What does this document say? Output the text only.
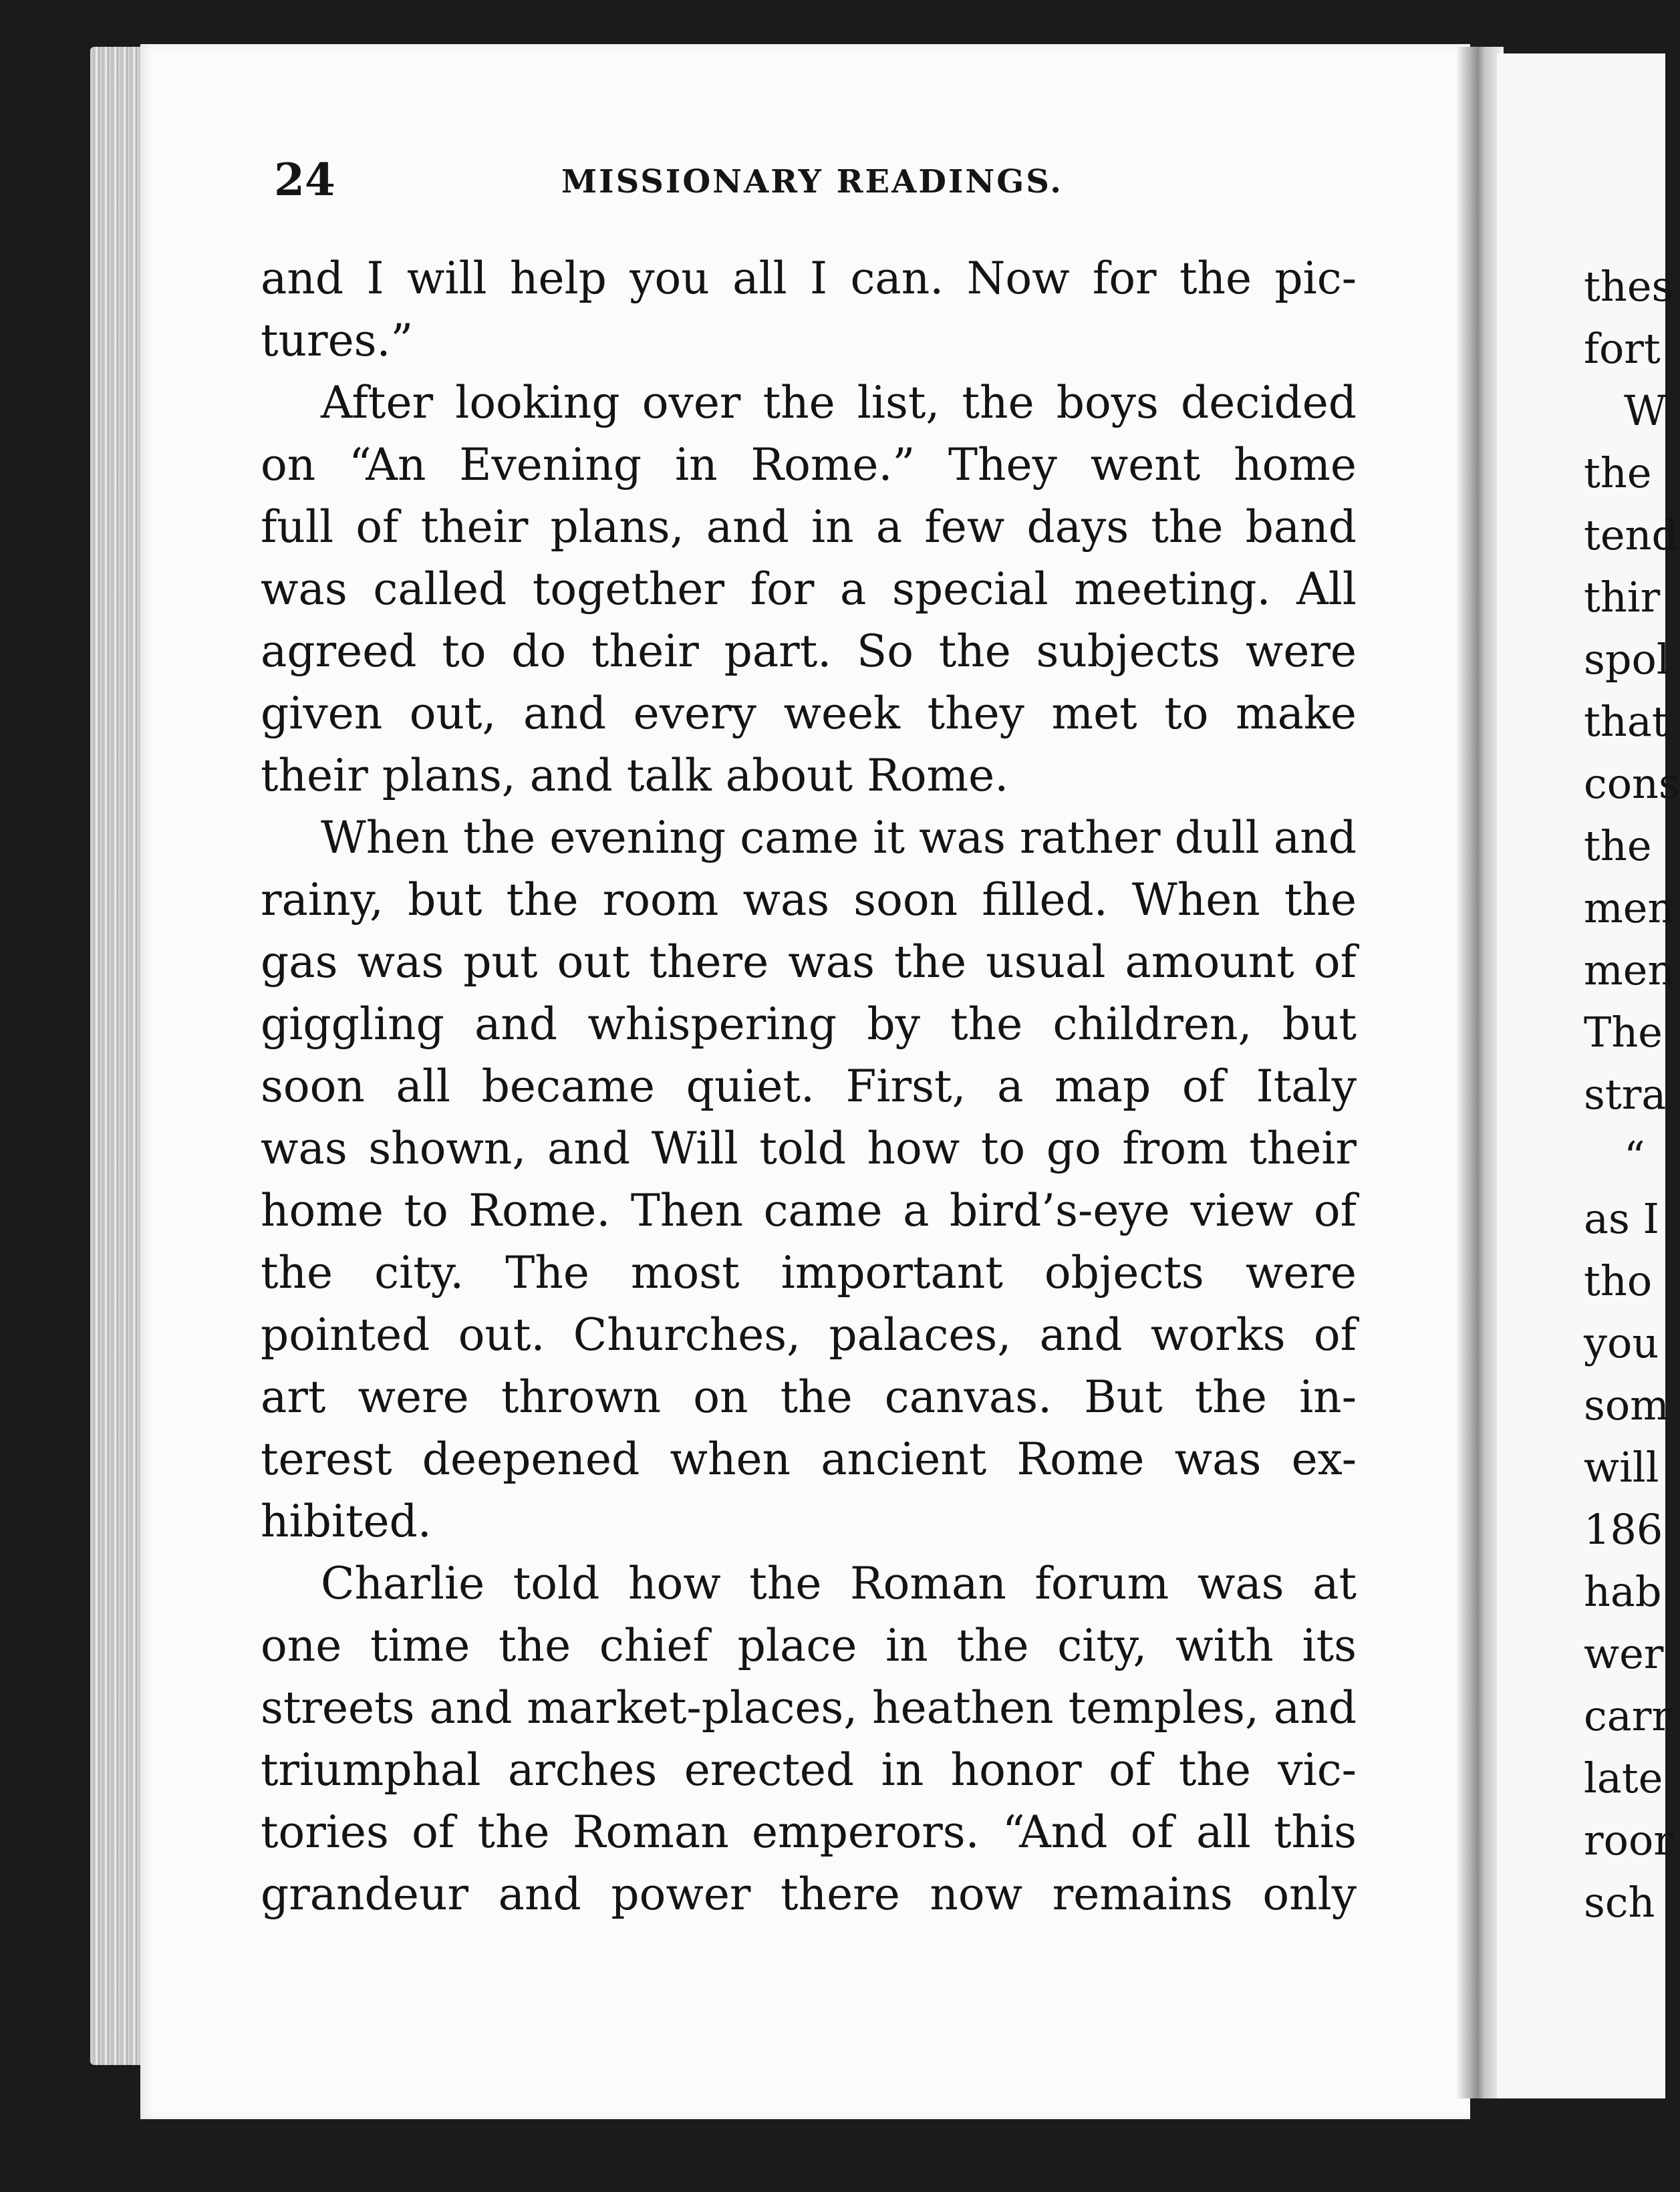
24	MISSIONARY READINGS.
and I will help you all I can. Now for the pic-
tures.”
After looking over the list, the boys decided
on “An Evening in Rome.” They went home
full of their plans, and in a few days the band
was called together for a special meeting. All
agreed to do their part. So the subjects were
given out, and every week they met to make
their plans, and talk about Rome.
When the evening came it was rather dull and
rainy, but the room was soon filled. When the
gas was put out there was the usual amount of
giggling and whispering by the children, but
soon all became quiet. First, a map of Italy
was shown, and Will told how to go from their
home to Rome. Then came a bird’s-eye view of
the city. The most important objects were
pointed out. Churches, palaces, and works of
art were thrown on the canvas. But the in-
terest deepened when ancient Rome was ex-
hibited.
Charlie told how the Roman forum was at
one time the chief place in the city, with its
streets and market-places, heathen temples, and
triumphal arches erected in honor of the vic-
tories of the Roman emperors. “And of all this
grandeur and power there now remains only
thes
fort
W
the
tend
thir
spol
that
cons
the
men
men
The
stra
“
as I
tho
you
som
will
186
hab
wer
carr
late
roor
sch
